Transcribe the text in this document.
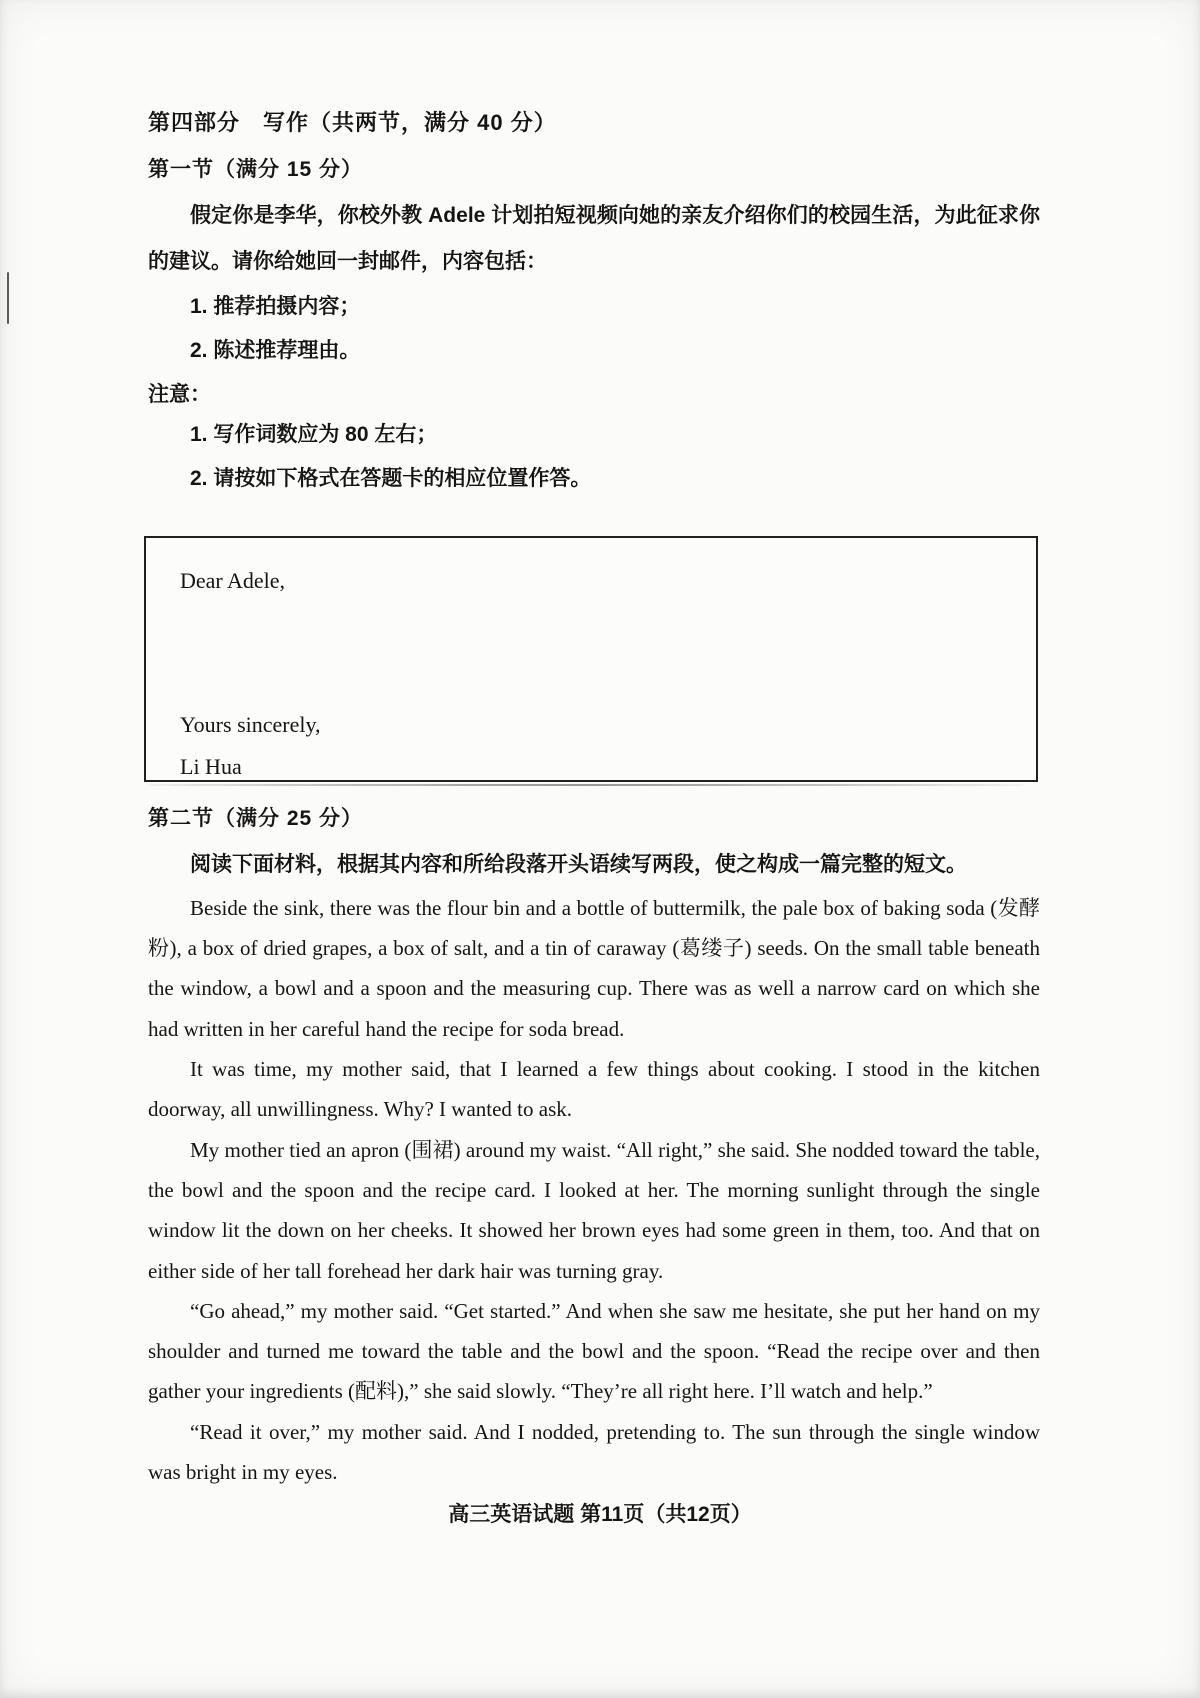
第四部分　写作（共两节，满分 40 分）
第一节（满分 15 分）

假定你是李华，你校外教 Adele 计划拍短视频向她的亲友介绍你们的校园生活，为此征求你的建议。请你给她回一封邮件，内容包括：

1. 推荐拍摄内容；

2. 陈述推荐理由。

注意：

1. 写作词数应为 80 左右；

2. 请按如下格式在答题卡的相应位置作答。

Dear Adele,

Yours sincerely,

Li Hua

第二节（满分 25 分）

阅读下面材料，根据其内容和所给段落开头语续写两段，使之构成一篇完整的短文。

Beside the sink, there was the flour bin and a bottle of buttermilk, the pale box of baking soda (发酵粉), a box of dried grapes, a box of salt, and a tin of caraway (葛缕子) seeds. On the small table beneath the window, a bowl and a spoon and the measuring cup. There was as well a narrow card on which she had written in her careful hand the recipe for soda bread.

It was time, my mother said, that I learned a few things about cooking. I stood in the kitchen doorway, all unwillingness. Why? I wanted to ask.

My mother tied an apron (围裙) around my waist. “All right,” she said. She nodded toward the table, the bowl and the spoon and the recipe card. I looked at her. The morning sunlight through the single window lit the down on her cheeks. It showed her brown eyes had some green in them, too. And that on either side of her tall forehead her dark hair was turning gray.

“Go ahead,” my mother said. “Get started.” And when she saw me hesitate, she put her hand on my shoulder and turned me toward the table and the bowl and the spoon. “Read the recipe over and then gather your ingredients (配料),” she said slowly. “They’re all right here. I’ll watch and help.”

“Read it over,” my mother said. And I nodded, pretending to. The sun through the single window was bright in my eyes.

高三英语试题 第11页（共12页）
